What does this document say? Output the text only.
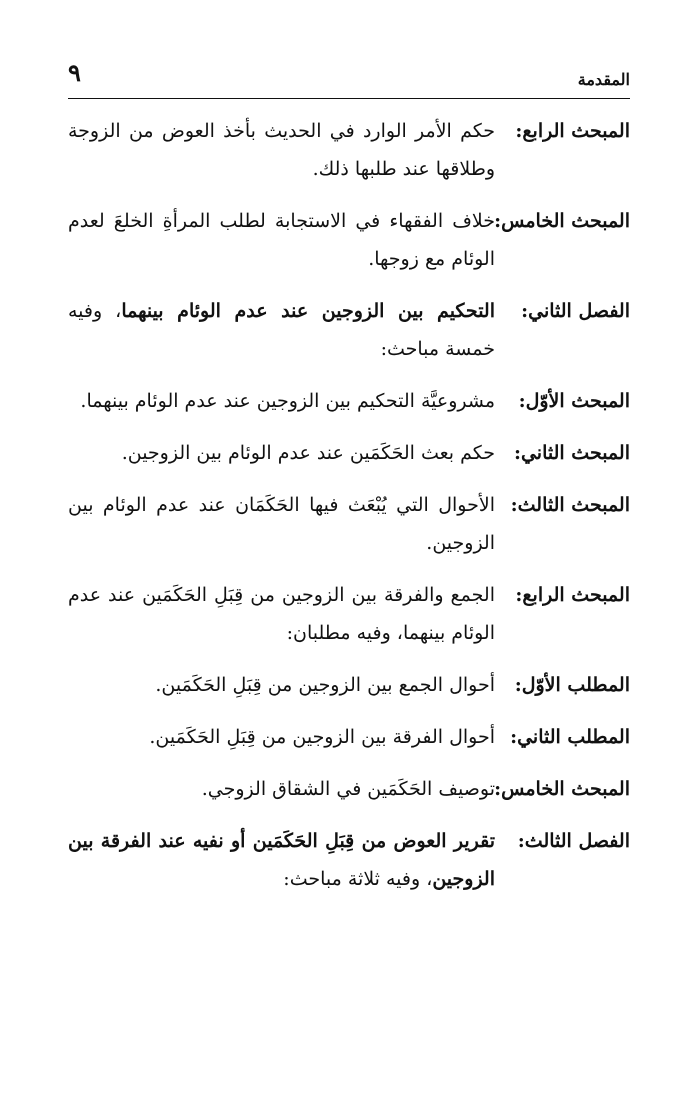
المقدمة
٩
المبحث الرابع:
حكم الأمر الوارد في الحديث بأخذ العوض من الزوجة وطلاقها عند طلبها ذلك.
المبحث الخامس:
خلاف الفقهاء في الاستجابة لطلب المرأةِ الخلعَ لعدم الوئام مع زوجها.
الفصل الثاني:
التحكيم بين الزوجين عند عدم الوئام بينهما، وفيه خمسة مباحث:
المبحث الأوّل:
مشروعيَّة التحكيم بين الزوجين عند عدم الوئام بينهما.
المبحث الثاني:
حكم بعث الحَكَمَين عند عدم الوئام بين الزوجين.
المبحث الثالث:
الأحوال التي يُبْعَث فيها الحَكَمَان عند عدم الوئام بين الزوجين.
المبحث الرابع:
الجمع والفرقة بين الزوجين من قِبَلِ الحَكَمَين عند عدم الوئام بينهما، وفيه مطلبان:
المطلب الأوّل:
أحوال الجمع بين الزوجين من قِبَلِ الحَكَمَين.
المطلب الثاني:
أحوال الفرقة بين الزوجين من قِبَلِ الحَكَمَين.
المبحث الخامس:
توصيف الحَكَمَين في الشقاق الزوجي.
الفصل الثالث:
تقرير العوض من قِبَلِ الحَكَمَين أو نفيه عند الفرقة بين الزوجين، وفيه ثلاثة مباحث:
